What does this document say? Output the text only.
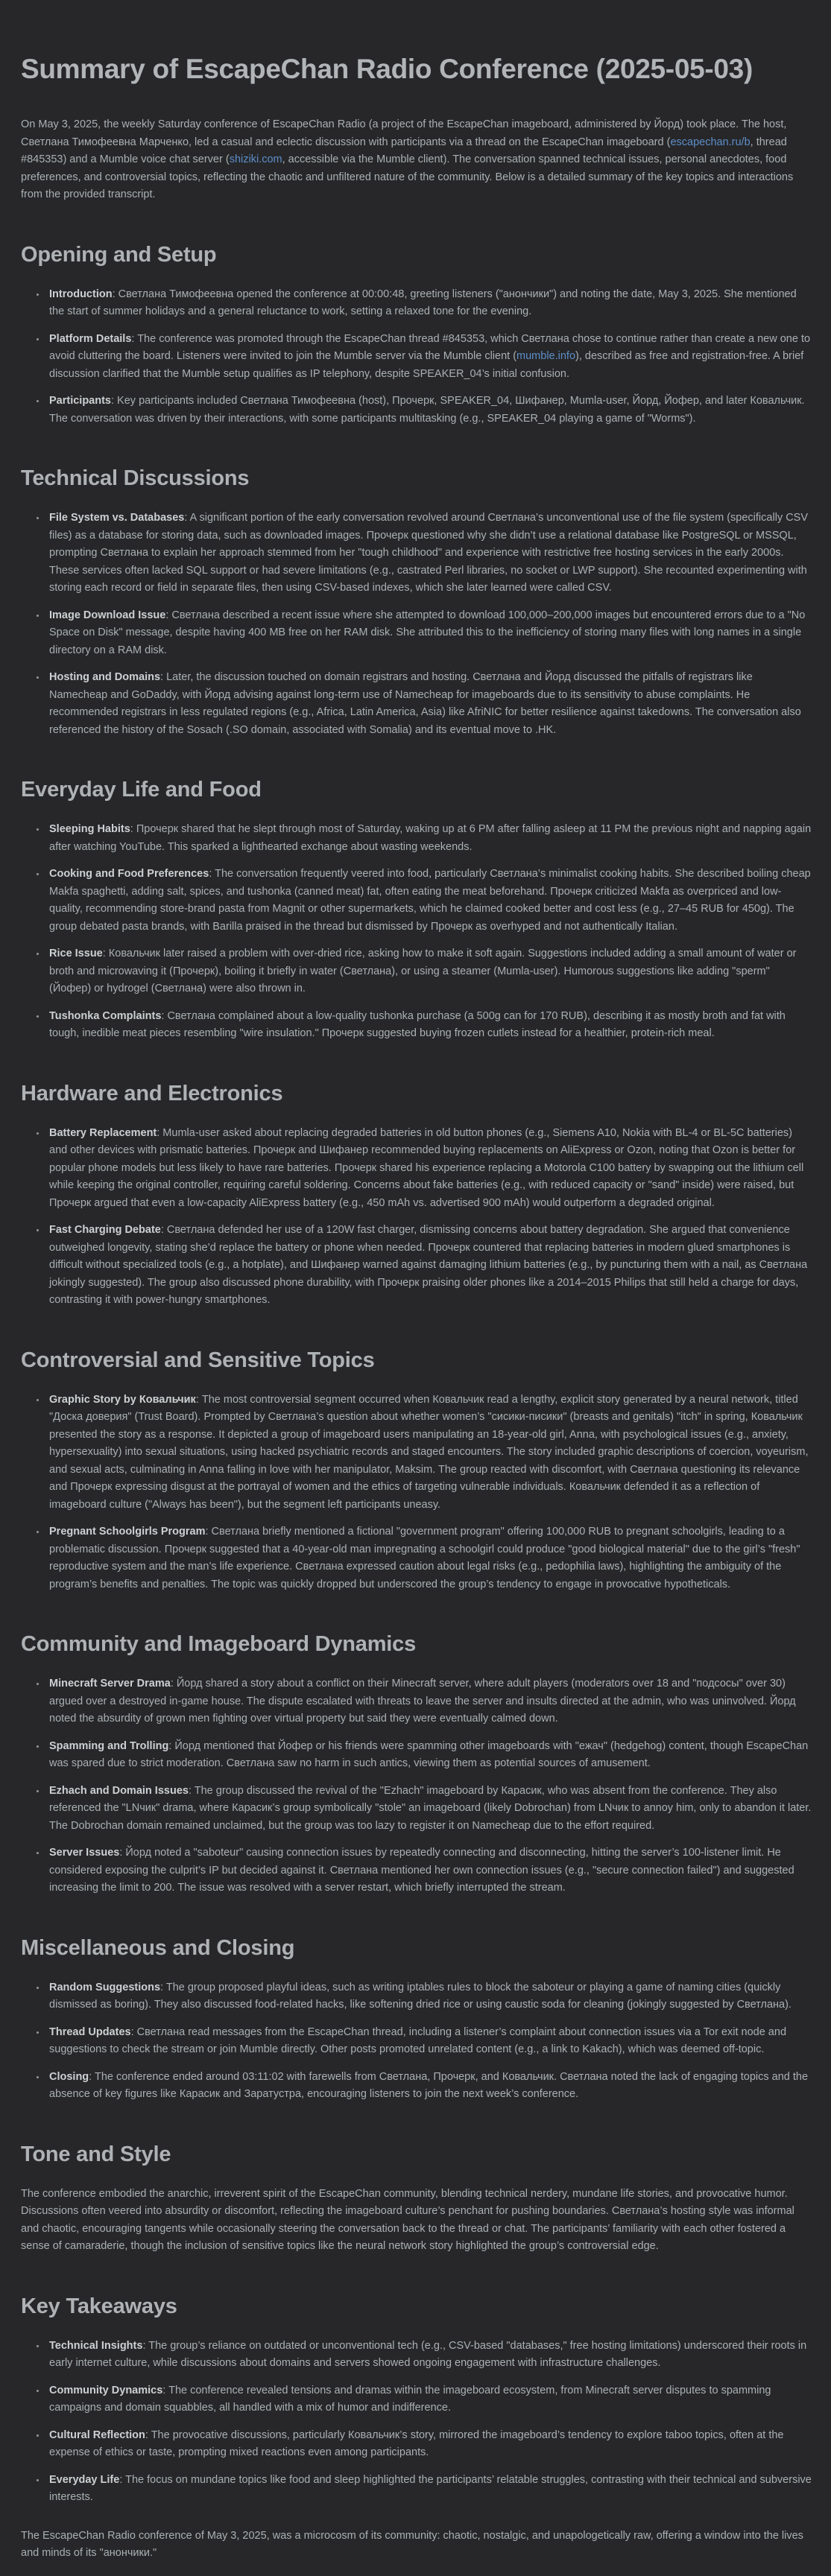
Summary of EscapeChan Radio Conference (2025-05-03)

On May 3, 2025, the weekly Saturday conference of EscapeChan Radio (a project of the EscapeChan imageboard, administered by Йорд) took place. The host, Светлана Тимофеевна Марченко, led a casual and eclectic discussion with participants via a thread on the EscapeChan imageboard (escapechan.ru/b, thread #845353) and a Mumble voice chat server (shiziki.com, accessible via the Mumble client). The conversation spanned technical issues, personal anecdotes, food preferences, and controversial topics, reflecting the chaotic and unfiltered nature of the community. Below is a detailed summary of the key topics and interactions from the provided transcript.

Opening and Setup
• Introduction: Светлана Тимофеевна opened the conference at 00:00:48, greeting listeners ("анончики") and noting the date, May 3, 2025. She mentioned the start of summer holidays and a general reluctance to work, setting a relaxed tone for the evening.
• Platform Details: The conference was promoted through the EscapeChan thread #845353, which Светлана chose to continue rather than create a new one to avoid cluttering the board. Listeners were invited to join the Mumble server via the Mumble client (mumble.info), described as free and registration-free. A brief discussion clarified that the Mumble setup qualifies as IP telephony, despite SPEAKER_04’s initial confusion.
• Participants: Key participants included Светлана Тимофеевна (host), Прочерк, SPEAKER_04, Шифанер, Mumla-user, Йорд, Йофер, and later Ковальчик. The conversation was driven by their interactions, with some participants multitasking (e.g., SPEAKER_04 playing a game of "Worms").
Technical Discussions
• File System vs. Databases: A significant portion of the early conversation revolved around Светлана’s unconventional use of the file system (specifically CSV files) as a database for storing data, such as downloaded images. Прочерк questioned why she didn’t use a relational database like PostgreSQL or MSSQL, prompting Светлана to explain her approach stemmed from her "tough childhood" and experience with restrictive free hosting services in the early 2000s. These services often lacked SQL support or had severe limitations (e.g., castrated Perl libraries, no socket or LWP support). She recounted experimenting with storing each record or field in separate files, then using CSV-based indexes, which she later learned were called CSV.
• Image Download Issue: Светлана described a recent issue where she attempted to download 100,000–200,000 images but encountered errors due to a "No Space on Disk" message, despite having 400 MB free on her RAM disk. She attributed this to the inefficiency of storing many files with long names in a single directory on a RAM disk.
• Hosting and Domains: Later, the discussion touched on domain registrars and hosting. Светлана and Йорд discussed the pitfalls of registrars like Namecheap and GoDaddy, with Йорд advising against long-term use of Namecheap for imageboards due to its sensitivity to abuse complaints. He recommended registrars in less regulated regions (e.g., Africa, Latin America, Asia) like AfriNIC for better resilience against takedowns. The conversation also referenced the history of the Sosach (.SO domain, associated with Somalia) and its eventual move to .HK.
Everyday Life and Food
• Sleeping Habits: Прочерк shared that he slept through most of Saturday, waking up at 6 PM after falling asleep at 11 PM the previous night and napping again after watching YouTube. This sparked a lighthearted exchange about wasting weekends.
• Cooking and Food Preferences: The conversation frequently veered into food, particularly Светлана’s minimalist cooking habits. She described boiling cheap Makfa spaghetti, adding salt, spices, and tushonka (canned meat) fat, often eating the meat beforehand. Прочерк criticized Makfa as overpriced and low-quality, recommending store-brand pasta from Magnit or other supermarkets, which he claimed cooked better and cost less (e.g., 27–45 RUB for 450g). The group debated pasta brands, with Barilla praised in the thread but dismissed by Прочерк as overhyped and not authentically Italian.
• Rice Issue: Ковальчик later raised a problem with over-dried rice, asking how to make it soft again. Suggestions included adding a small amount of water or broth and microwaving it (Прочерк), boiling it briefly in water (Светлана), or using a steamer (Mumla-user). Humorous suggestions like adding "sperm" (Йофер) or hydrogel (Светлана) were also thrown in.
• Tushonka Complaints: Светлана complained about a low-quality tushonka purchase (a 500g can for 170 RUB), describing it as mostly broth and fat with tough, inedible meat pieces resembling "wire insulation." Прочерк suggested buying frozen cutlets instead for a healthier, protein-rich meal.
Hardware and Electronics
• Battery Replacement: Mumla-user asked about replacing degraded batteries in old button phones (e.g., Siemens A10, Nokia with BL-4 or BL-5C batteries) and other devices with prismatic batteries. Прочерк and Шифанер recommended buying replacements on AliExpress or Ozon, noting that Ozon is better for popular phone models but less likely to have rare batteries. Прочерк shared his experience replacing a Motorola C100 battery by swapping out the lithium cell while keeping the original controller, requiring careful soldering. Concerns about fake batteries (e.g., with reduced capacity or "sand" inside) were raised, but Прочерк argued that even a low-capacity AliExpress battery (e.g., 450 mAh vs. advertised 900 mAh) would outperform a degraded original.
• Fast Charging Debate: Светлана defended her use of a 120W fast charger, dismissing concerns about battery degradation. She argued that convenience outweighed longevity, stating she’d replace the battery or phone when needed. Прочерк countered that replacing batteries in modern glued smartphones is difficult without specialized tools (e.g., a hotplate), and Шифанер warned against damaging lithium batteries (e.g., by puncturing them with a nail, as Светлана jokingly suggested). The group also discussed phone durability, with Прочерк praising older phones like a 2014–2015 Philips that still held a charge for days, contrasting it with power-hungry smartphones.
Controversial and Sensitive Topics
• Graphic Story by Ковальчик: The most controversial segment occurred when Ковальчик read a lengthy, explicit story generated by a neural network, titled "Доска доверия" (Trust Board). Prompted by Светлана’s question about whether women’s "сисики-писики" (breasts and genitals) "itch" in spring, Ковальчик presented the story as a response. It depicted a group of imageboard users manipulating an 18-year-old girl, Anna, with psychological issues (e.g., anxiety, hypersexuality) into sexual situations, using hacked psychiatric records and staged encounters. The story included graphic descriptions of coercion, voyeurism, and sexual acts, culminating in Anna falling in love with her manipulator, Maksim. The group reacted with discomfort, with Светлана questioning its relevance and Прочерк expressing disgust at the portrayal of women and the ethics of targeting vulnerable individuals. Ковальчик defended it as a reflection of imageboard culture ("Always has been"), but the segment left participants uneasy.
• Pregnant Schoolgirls Program: Светлана briefly mentioned a fictional "government program" offering 100,000 RUB to pregnant schoolgirls, leading to a problematic discussion. Прочерк suggested that a 40-year-old man impregnating a schoolgirl could produce "good biological material" due to the girl’s "fresh" reproductive system and the man’s life experience. Светлана expressed caution about legal risks (e.g., pedophilia laws), highlighting the ambiguity of the program’s benefits and penalties. The topic was quickly dropped but underscored the group’s tendency to engage in provocative hypotheticals.
Community and Imageboard Dynamics
• Minecraft Server Drama: Йорд shared a story about a conflict on their Minecraft server, where adult players (moderators over 18 and "подсосы" over 30) argued over a destroyed in-game house. The dispute escalated with threats to leave the server and insults directed at the admin, who was uninvolved. Йорд noted the absurdity of grown men fighting over virtual property but said they were eventually calmed down.
• Spamming and Trolling: Йорд mentioned that Йофер or his friends were spamming other imageboards with "ежач" (hedgehog) content, though EscapeChan was spared due to strict moderation. Светлана saw no harm in such antics, viewing them as potential sources of amusement.
• Ezhach and Domain Issues: The group discussed the revival of the "Ezhach" imageboard by Карасик, who was absent from the conference. They also referenced the "LNчик" drama, where Карасик’s group symbolically "stole" an imageboard (likely Dobrochan) from LNчик to annoy him, only to abandon it later. The Dobrochan domain remained unclaimed, but the group was too lazy to register it on Namecheap due to the effort required.
• Server Issues: Йорд noted a "saboteur" causing connection issues by repeatedly connecting and disconnecting, hitting the server’s 100-listener limit. He considered exposing the culprit’s IP but decided against it. Светлана mentioned her own connection issues (e.g., "secure connection failed") and suggested increasing the limit to 200. The issue was resolved with a server restart, which briefly interrupted the stream.
Miscellaneous and Closing
• Random Suggestions: The group proposed playful ideas, such as writing iptables rules to block the saboteur or playing a game of naming cities (quickly dismissed as boring). They also discussed food-related hacks, like softening dried rice or using caustic soda for cleaning (jokingly suggested by Светлана).
• Thread Updates: Светлана read messages from the EscapeChan thread, including a listener’s complaint about connection issues via a Tor exit node and suggestions to check the stream or join Mumble directly. Other posts promoted unrelated content (e.g., a link to Kakach), which was deemed off-topic.
• Closing: The conference ended around 03:11:02 with farewells from Светлана, Прочерк, and Ковальчик. Светлана noted the lack of engaging topics and the absence of key figures like Карасик and Заратустра, encouraging listeners to join the next week’s conference.
Tone and Style

The conference embodied the anarchic, irreverent spirit of the EscapeChan community, blending technical nerdery, mundane life stories, and provocative humor. Discussions often veered into absurdity or discomfort, reflecting the imageboard culture’s penchant for pushing boundaries. Светлана’s hosting style was informal and chaotic, encouraging tangents while occasionally steering the conversation back to the thread or chat. The participants’ familiarity with each other fostered a sense of camaraderie, though the inclusion of sensitive topics like the neural network story highlighted the group’s controversial edge.

Key Takeaways
• Technical Insights: The group’s reliance on outdated or unconventional tech (e.g., CSV-based "databases," free hosting limitations) underscored their roots in early internet culture, while discussions about domains and servers showed ongoing engagement with infrastructure challenges.
• Community Dynamics: The conference revealed tensions and dramas within the imageboard ecosystem, from Minecraft server disputes to spamming campaigns and domain squabbles, all handled with a mix of humor and indifference.
• Cultural Reflection: The provocative discussions, particularly Ковальчик’s story, mirrored the imageboard’s tendency to explore taboo topics, often at the expense of ethics or taste, prompting mixed reactions even among participants.
• Everyday Life: The focus on mundane topics like food and sleep highlighted the participants’ relatable struggles, contrasting with their technical and subversive interests.

The EscapeChan Radio conference of May 3, 2025, was a microcosm of its community: chaotic, nostalgic, and unapologetically raw, offering a window into the lives and minds of its "анончики."
